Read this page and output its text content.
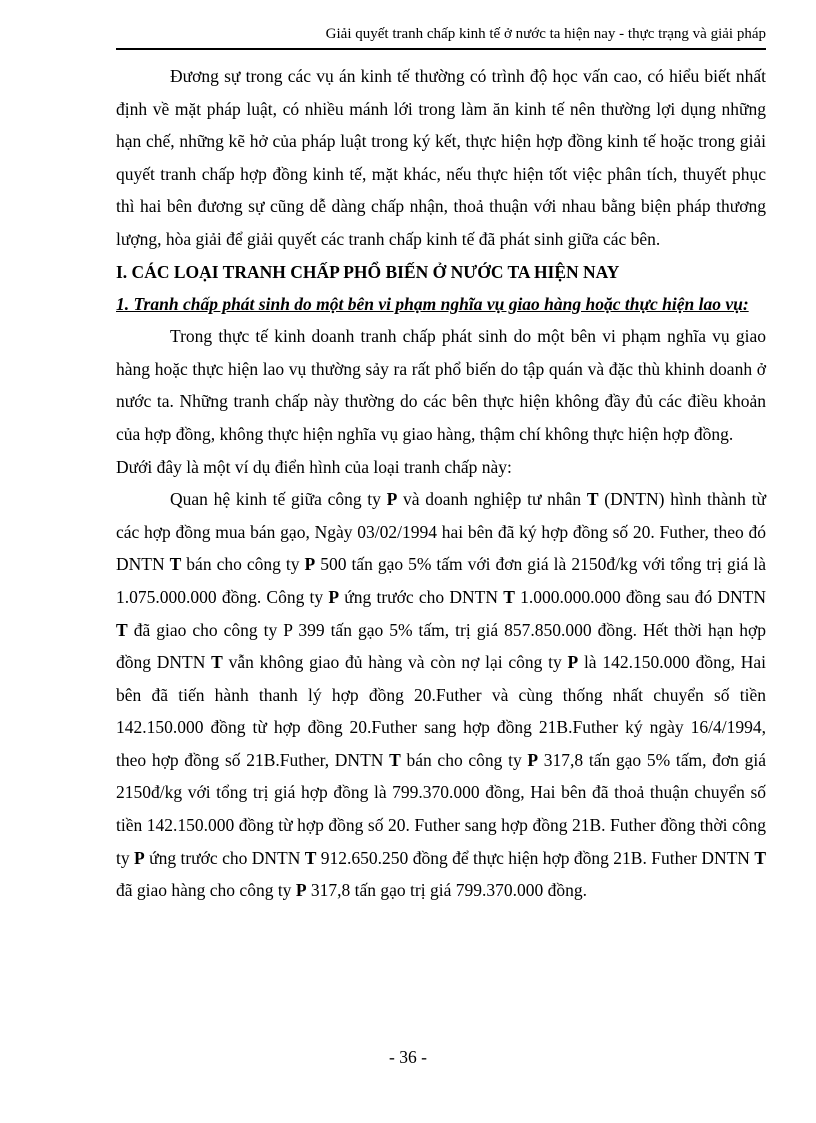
Giải quyết tranh chấp kinh tế ở nước ta hiện nay - thực trạng và giải pháp

Đương sự trong các vụ án kinh tế thường có trình độ học vấn cao, có hiểu biết nhất định về mặt pháp luật, có nhiều mánh lới trong làm ăn kinh tế nên thường lợi dụng những hạn chế, những kẽ hở của pháp luật trong ký kết, thực hiện hợp đồng kinh tế hoặc trong giải quyết tranh chấp hợp đồng kinh tế, mặt khác, nếu thực hiện tốt việc phân tích, thuyết phục thì hai bên đương sự cũng dễ dàng chấp nhận, thoả thuận với nhau bằng biện pháp thương lượng, hòa giải để giải quyết các tranh chấp kinh tế đã phát sinh giữa các bên.

I. CÁC LOẠI TRANH CHẤP PHỔ BIẾN Ở NƯỚC TA HIỆN NAY

1. Tranh chấp phát sinh do một bên vi phạm nghĩa vụ giao hàng hoặc thực hiện lao vụ:

Trong thực tế kinh doanh tranh chấp phát sinh do một bên vi phạm nghĩa vụ giao hàng hoặc thực hiện lao vụ thường sảy ra rất phổ biến do tập quán và đặc thù khinh doanh ở nước ta. Những tranh chấp này thường do các bên thực hiện không đầy đủ các điều khoản của hợp đồng, không thực hiện nghĩa vụ giao hàng, thậm chí không thực hiện hợp đồng.

Dưới đây là một ví dụ điển hình của loại tranh chấp này:

Quan hệ kinh tế giữa công ty P và doanh nghiệp tư nhân T (DNTN) hình thành từ các hợp đồng mua bán gạo, Ngày 03/02/1994 hai bên đã ký hợp đồng số 20. Futher, theo đó DNTN T bán cho công ty P 500 tấn gạo 5% tấm với đơn giá là 2150đ/kg với tổng trị giá là 1.075.000.000 đồng. Công ty P ứng trước cho DNTN T 1.000.000.000 đồng sau đó DNTN T đã giao cho công ty P 399 tấn gạo 5% tấm, trị giá 857.850.000 đồng. Hết thời hạn hợp đồng DNTN T vẫn không giao đủ hàng và còn nợ lại công ty P là 142.150.000 đồng, Hai bên đã tiến hành thanh lý hợp đồng 20.Futher và cùng thống nhất chuyển số tiền 142.150.000 đồng từ hợp đồng 20.Futher sang hợp đồng 21B.Futher ký ngày 16/4/1994, theo hợp đồng số 21B.Futher, DNTN T bán cho công ty P 317,8 tấn gạo 5% tấm, đơn giá 2150đ/kg với tổng trị giá hợp đồng là 799.370.000 đồng, Hai bên đã thoả thuận chuyển số tiền 142.150.000 đồng từ hợp đồng số 20. Futher sang hợp đồng 21B. Futher đồng thời công ty P ứng trước cho DNTN T 912.650.250 đồng để thực hiện hợp đồng 21B. Futher DNTN T đã giao hàng cho công ty P 317,8 tấn gạo trị giá 799.370.000 đồng.

- 36 -
